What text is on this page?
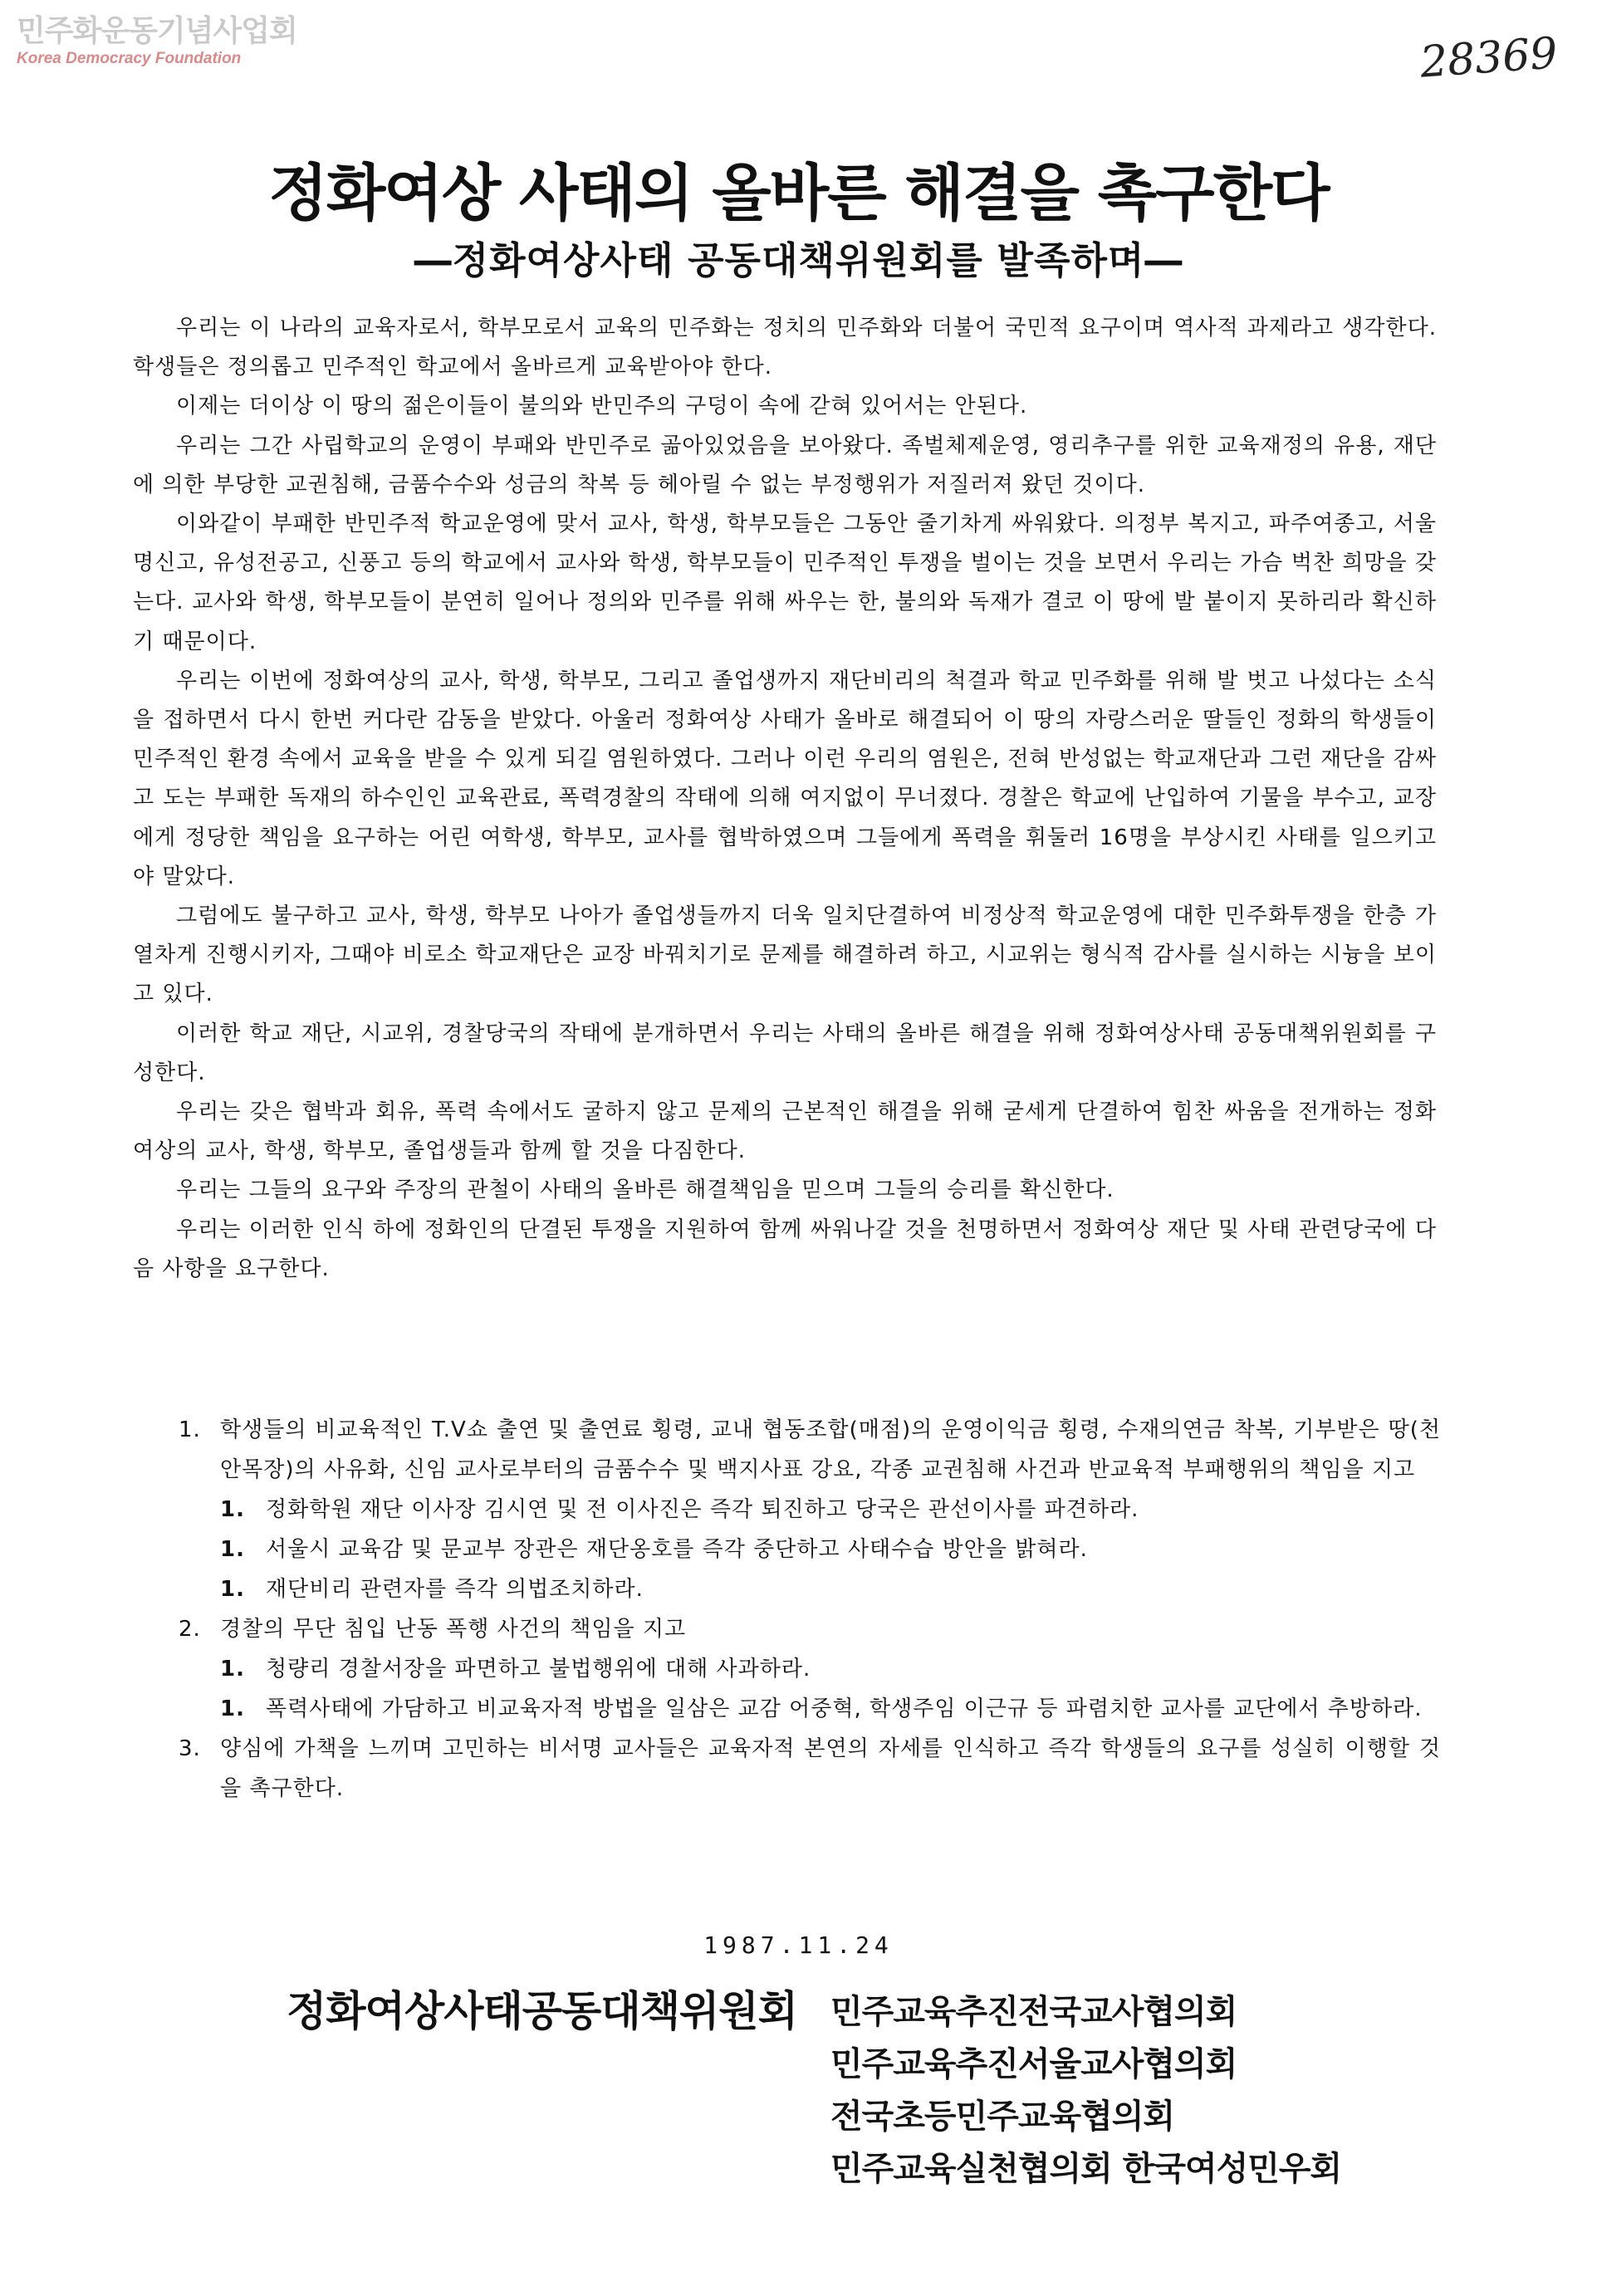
민주화운동기념사업회
Korea Democracy Foundation	28369
정화여상 사태의 올바른 해결을 촉구한다
―정화여상사태 공동대책위원회를 발족하며―

우리는 이 나라의 교육자로서, 학부모로서 교육의 민주화는 정치의 민주화와 더불어 국민적 요구이며 역사적 과제라고 생각한다. 학생들은 정의롭고 민주적인 학교에서 올바르게 교육받아야 한다.

이제는 더이상 이 땅의 젊은이들이 불의와 반민주의 구덩이 속에 갇혀 있어서는 안된다.

우리는 그간 사립학교의 운영이 부패와 반민주로 곪아있었음을 보아왔다. 족벌체제운영, 영리추구를 위한 교육재정의 유용, 재단에 의한 부당한 교권침해, 금품수수와 성금의 착복 등 헤아릴 수 없는 부정행위가 저질러져 왔던 것이다.

이와같이 부패한 반민주적 학교운영에 맞서 교사, 학생, 학부모들은 그동안 줄기차게 싸워왔다. 의정부 복지고, 파주여종고, 서울 명신고, 유성전공고, 신풍고 등의 학교에서 교사와 학생, 학부모들이 민주적인 투쟁을 벌이는 것을 보면서 우리는 가슴 벅찬 희망을 갖는다. 교사와 학생, 학부모들이 분연히 일어나 정의와 민주를 위해 싸우는 한, 불의와 독재가 결코 이 땅에 발 붙이지 못하리라 확신하기 때문이다.

우리는 이번에 정화여상의 교사, 학생, 학부모, 그리고 졸업생까지 재단비리의 척결과 학교 민주화를 위해 발 벗고 나섰다는 소식을 접하면서 다시 한번 커다란 감동을 받았다. 아울러 정화여상 사태가 올바로 해결되어 이 땅의 자랑스러운 딸들인 정화의 학생들이 민주적인 환경 속에서 교육을 받을 수 있게 되길 염원하였다. 그러나 이런 우리의 염원은, 전혀 반성없는 학교재단과 그런 재단을 감싸고 도는 부패한 독재의 하수인인 교육관료, 폭력경찰의 작태에 의해 여지없이 무너졌다. 경찰은 학교에 난입하여 기물을 부수고, 교장에게 정당한 책임을 요구하는 어린 여학생, 학부모, 교사를 협박하였으며 그들에게 폭력을 휘둘러 16명을 부상시킨 사태를 일으키고야 말았다.

그럼에도 불구하고 교사, 학생, 학부모 나아가 졸업생들까지 더욱 일치단결하여 비정상적 학교운영에 대한 민주화투쟁을 한층 가열차게 진행시키자, 그때야 비로소 학교재단은 교장 바꿔치기로 문제를 해결하려 하고, 시교위는 형식적 감사를 실시하는 시늉을 보이고 있다.

이러한 학교 재단, 시교위, 경찰당국의 작태에 분개하면서 우리는 사태의 올바른 해결을 위해 정화여상사태 공동대책위원회를 구성한다.

우리는 갖은 협박과 회유, 폭력 속에서도 굴하지 않고 문제의 근본적인 해결을 위해 굳세게 단결하여 힘찬 싸움을 전개하는 정화여상의 교사, 학생, 학부모, 졸업생들과 함께 할 것을 다짐한다.

우리는 그들의 요구와 주장의 관철이 사태의 올바른 해결책임을 믿으며 그들의 승리를 확신한다.

우리는 이러한 인식 하에 정화인의 단결된 투쟁을 지원하여 함께 싸워나갈 것을 천명하면서 정화여상 재단 및 사태 관련당국에 다음 사항을 요구한다.

1. 학생들의 비교육적인 T.V쇼 출연 및 출연료 횡령, 교내 협동조합(매점)의 운영이익금 횡령, 수재의연금 착복, 기부받은 땅(천안목장)의 사유화, 신임 교사로부터의 금품수수 및 백지사표 강요, 각종 교권침해 사건과 반교육적 부패행위의 책임을 지고
1. 정화학원 재단 이사장 김시연 및 전 이사진은 즉각 퇴진하고 당국은 관선이사를 파견하라.
1. 서울시 교육감 및 문교부 장관은 재단옹호를 즉각 중단하고 사태수습 방안을 밝혀라.
1. 재단비리 관련자를 즉각 의법조치하라.
2. 경찰의 무단 침입 난동 폭행 사건의 책임을 지고
1. 청량리 경찰서장을 파면하고 불법행위에 대해 사과하라.
1. 폭력사태에 가담하고 비교육자적 방법을 일삼은 교감 어중혁, 학생주임 이근규 등 파렴치한 교사를 교단에서 추방하라.
3. 양심에 가책을 느끼며 고민하는 비서명 교사들은 교육자적 본연의 자세를 인식하고 즉각 학생들의 요구를 성실히 이행할 것을 촉구한다.
1987.11.24
정화여상사태공동대책위원회 민주교육추진전국교사협의회
민주교육추진서울교사협의회
전국초등민주교육협의회
민주교육실천협의회 한국여성민우회
